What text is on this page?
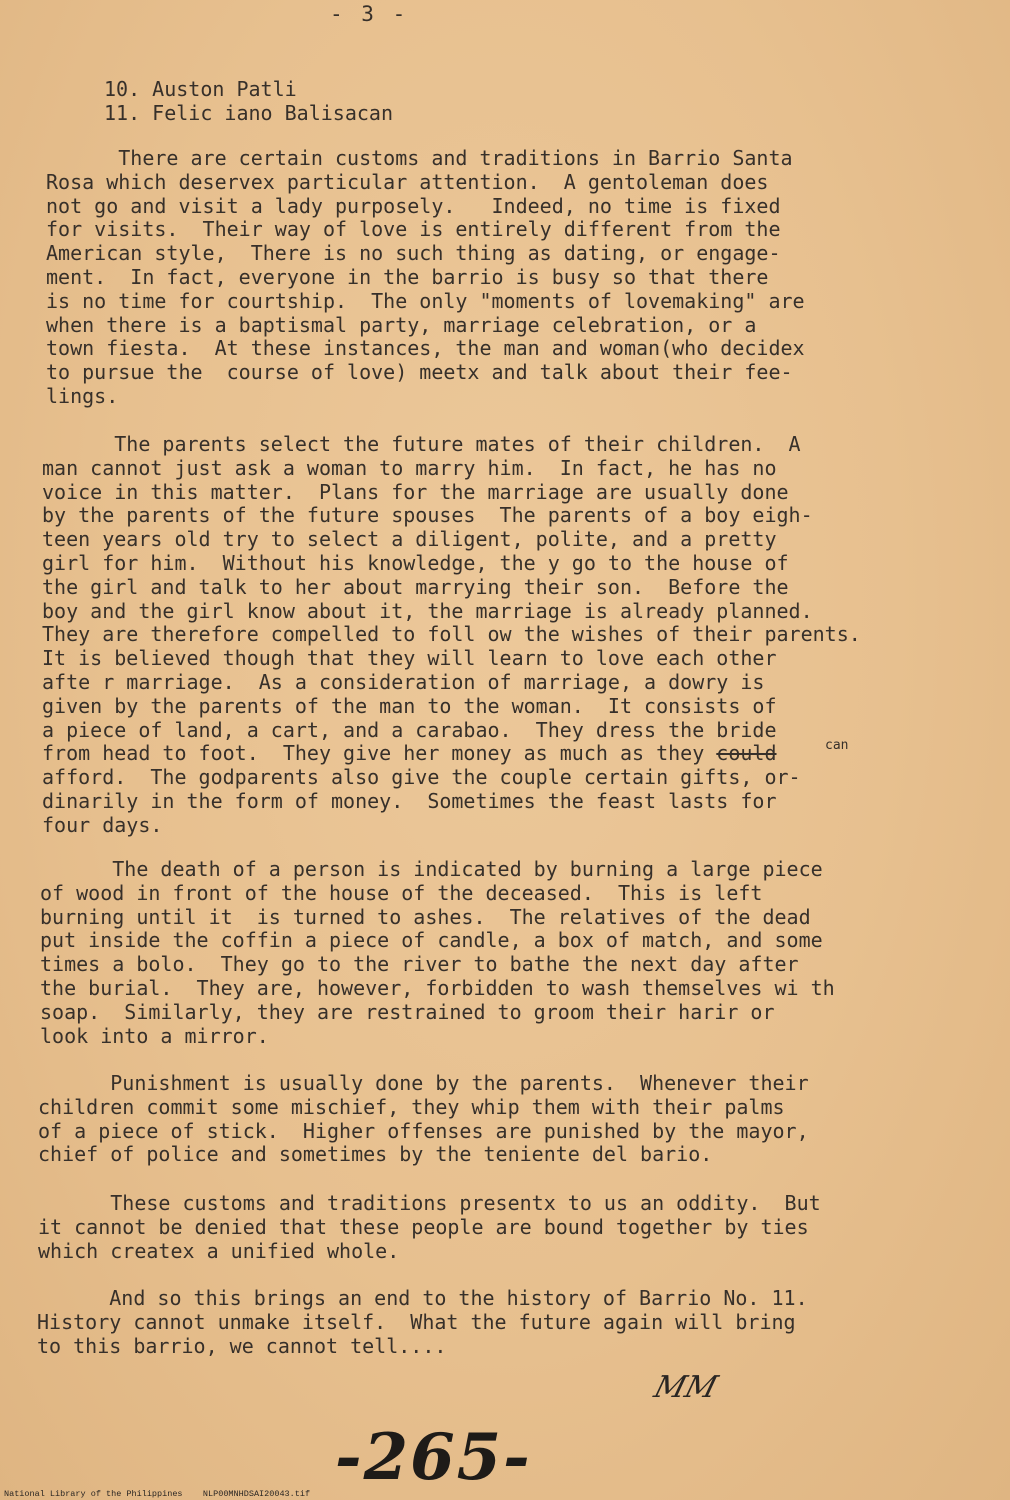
- 3 -

10. Auston Patli

11. Felic iano Balisacan

There are certain customs and traditions in Barrio Santa
Rosa which deservex particular attention.  A gentoleman does
not go and visit a lady purposely.   Indeed, no time is fixed
for visits.  Their way of love is entirely different from the
American style,  There is no such thing as dating, or engage-
ment.  In fact, everyone in the barrio is busy so that there
is no time for courtship.  The only "moments of lovemaking" are
when there is a baptismal party, marriage celebration, or a
town fiesta.  At these instances, the man and woman(who decidex
to pursue the  course of love) meetx and talk about their fee-
lings.
The parents select the future mates of their children.  A
man cannot just ask a woman to marry him.  In fact, he has no
voice in this matter.  Plans for the marriage are usually done
by the parents of the future spouses  The parents of a boy eigh-
teen years old try to select a diligent, polite, and a pretty
girl for him.  Without his knowledge, the y go to the house of
the girl and talk to her about marrying their son.  Before the
boy and the girl know about it, the marriage is already planned.
They are therefore compelled to foll ow the wishes of their parents.
It is believed though that they will learn to love each other
afte r marriage.  As a consideration of marriage, a dowry is
given by the parents of the man to the woman.  It consists of
a piece of land, a cart, and a carabao.  They dress the bride
from head to foot.  They give her money as much as they could
afford.  The godparents also give the couple certain gifts, or-
dinarily in the form of money.  Sometimes the feast lasts for
four days.
The death of a person is indicated by burning a large piece
of wood in front of the house of the deceased.  This is left
burning until it  is turned to ashes.  The relatives of the dead
put inside the coffin a piece of candle, a box of match, and some
times a bolo.  They go to the river to bathe the next day after
the burial.  They are, however, forbidden to wash themselves wi th
soap.  Similarly, they are restrained to groom their harir or
look into a mirror.
Punishment is usually done by the parents.  Whenever their
children commit some mischief, they whip them with their palms
of a piece of stick.  Higher offenses are punished by the mayor,
chief of police and sometimes by the teniente del bario.
These customs and traditions presentx to us an oddity.  But
it cannot be denied that these people are bound together by ties
which createx a unified whole.
And so this brings an end to the history of Barrio No. 11.
History cannot unmake itself.  What the future again will bring
to this barrio, we cannot tell....
can
MM
-265-
National Library of the Philippines    NLP00MNHDSAI20043.tif
